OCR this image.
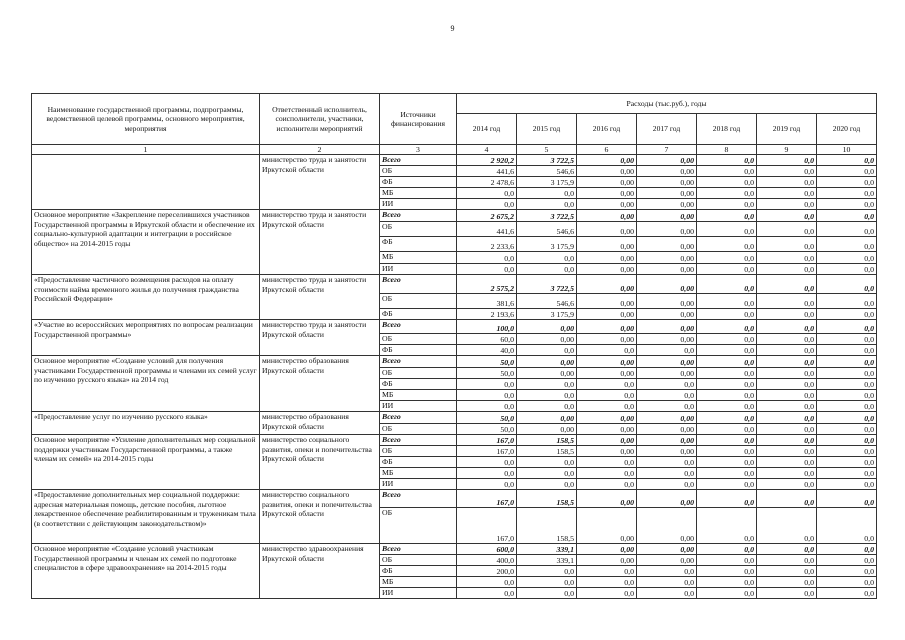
9
Наименование государственной программы, подпрограммы, ведомственной целевой программы, основного мероприятия, мероприятия	Ответственный исполнитель, соисполнители, участники, исполнители мероприятий	Источники финансирования	Расходы (тыс.руб.), годы						
			2014 год	2015 год	2016 год	2017 год	2018 год	2019 год	2020 год
1	2	3	4	5	6	7	8	9	10
	министерство труда и занятости Иркутской области	Всего	2 920,2	3 722,5	0,00	0,00	0,0	0,0	0,0
		ОБ	441,6	546,6	0,00	0,00	0,0	0,0	0,0
		ФБ	2 478,6	3 175,9	0,00	0,00	0,0	0,0	0,0
		МБ	0,0	0,0	0,00	0,00	0,0	0,0	0,0
		ИИ	0,0	0,0	0,00	0,00	0,0	0,0	0,0
Основное мероприятие «Закрепление переселившихся участников Государственной программы в Иркутской области и обеспечение их социально-культурной адаптации и интеграции в российское общество» на 2014-2015 годы	министерство труда и занятости Иркутской области	Всего	2 675,2	3 722,5	0,00	0,00	0,0	0,0	0,0
		ОБ	441,6	546,6	0,00	0,00	0,0	0,0	0,0
		ФБ	2 233,6	3 175,9	0,00	0,00	0,0	0,0	0,0
		МБ	0,0	0,0	0,00	0,00	0,0	0,0	0,0
		ИИ	0,0	0,0	0,00	0,00	0,0	0,0	0,0
«Предоставление частичного возмещения расходов на оплату стоимости найма временного жилья до получения гражданства Российской Федерации»	министерство труда и занятости Иркутской области	Всего	2 575,2	3 722,5	0,00	0,00	0,0	0,0	0,0
		ОБ	381,6	546,6	0,00	0,00	0,0	0,0	0,0
		ФБ	2 193,6	3 175,9	0,00	0,00	0,0	0,0	0,0
«Участие во всероссийских мероприятиях по вопросам реализации Государственной программы»	министерство труда и занятости Иркутской области	Всего	100,0	0,00	0,00	0,00	0,0	0,0	0,0
		ОБ	60,0	0,00	0,00	0,00	0,0	0,0	0,0
		ФБ	40,0	0,0	0,0	0,0	0,0	0,0	0,0
Основное мероприятие «Создание условий для получения участниками Государственной программы и членами их семей услуг по изучению русского языка» на 2014 год	министерство образования Иркутской области	Всего	50,0	0,00	0,00	0,00	0,0	0,0	0,0
		ОБ	50,0	0,00	0,00	0,00	0,0	0,0	0,0
		ФБ	0,0	0,0	0,0	0,0	0,0	0,0	0,0
		МБ	0,0	0,0	0,0	0,0	0,0	0,0	0,0
		ИИ	0,0	0,0	0,0	0,0	0,0	0,0	0,0
«Предоставление услуг по изучению русского языка»	министерство образования Иркутской области	Всего	50,0	0,00	0,00	0,00	0,0	0,0	0,0
		ОБ	50,0	0,00	0,00	0,00	0,0	0,0	0,0
Основное мероприятие «Усиление дополнительных мер социальной поддержки участникам Государственной программы, а также членам их семей» на 2014-2015 годы	министерство социального развития, опеки и попечительства Иркутской области	Всего	167,0	158,5	0,00	0,00	0,0	0,0	0,0
		ОБ	167,0	158,5	0,00	0,00	0,0	0,0	0,0
		ФБ	0,0	0,0	0,0	0,0	0,0	0,0	0,0
		МБ	0,0	0,0	0,0	0,0	0,0	0,0	0,0
		ИИ	0,0	0,0	0,0	0,0	0,0	0,0	0,0
«Предоставление дополнительных мер социальной поддержки: адресная материальная помощь, детские пособия, льготное лекарственное обеспечение реабилитированным и труженикам тыла (в соответствии с действующим законодательством)»	министерство социального развития, опеки и попечительства Иркутской области	Всего	167,0	158,5	0,00	0,00	0,0	0,0	0,0
		ОБ	167,0	158,5	0,00	0,00	0,0	0,0	0,0
Основное мероприятие «Создание условий участникам Государственной программы и членам их семей по подготовке специалистов в сфере здравоохранения» на 2014-2015 годы	министерство здравоохранения Иркутской области	Всего	600,0	339,1	0,00	0,00	0,0	0,0	0,0
		ОБ	400,0	339,1	0,00	0,00	0,0	0,0	0,0
		ФБ	200,0	0,0	0,0	0,0	0,0	0,0	0,0
		МБ	0,0	0,0	0,0	0,0	0,0	0,0	0,0
		ИИ	0,0	0,0	0,0	0,0	0,0	0,0	0,0
